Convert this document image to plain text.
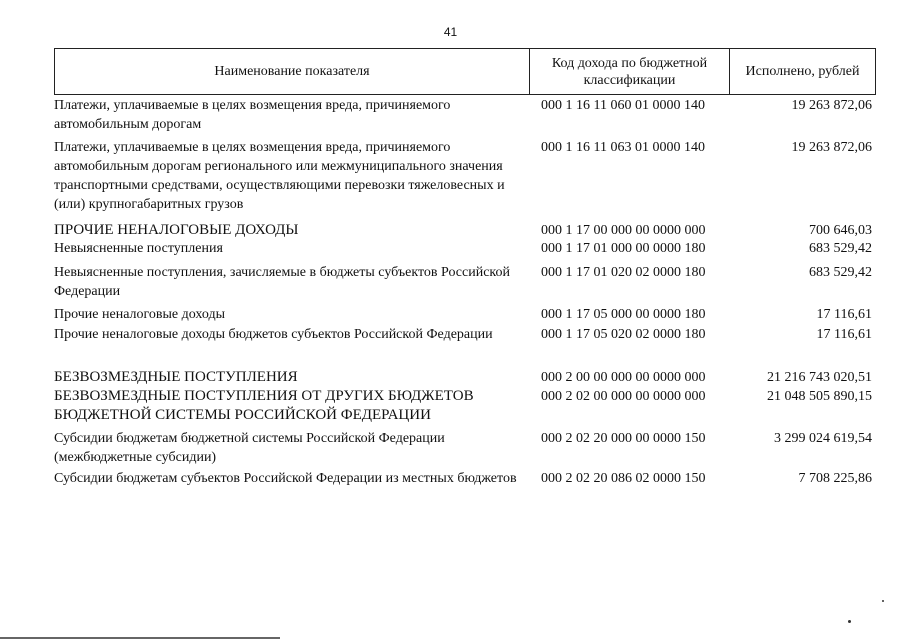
41
Наименование показателя
Код дохода по бюджетной классификации
Исполнено, рублей
Платежи, уплачиваемые в целях возмещения вреда, причиняемого автомобильным дорогам
000 1 16 11 060 01 0000 140	19 263 872,06
Платежи, уплачиваемые в целях возмещения вреда, причиняемого автомобильным дорогам регионального или межмуниципального значения транспортными средствами, осуществляющими перевозки тяжеловесных и (или) крупногабаритных грузов
000 1 16 11 063 01 0000 140	19 263 872,06
ПРОЧИЕ НЕНАЛОГОВЫЕ ДОХОДЫ	000 1 17 00 000 00 0000 000	700 646,03
Невыясненные поступления	000 1 17 01 000 00 0000 180	683 529,42
Невыясненные поступления, зачисляемые в бюджеты субъектов Российской Федерации
000 1 17 01 020 02 0000 180	683 529,42
Прочие неналоговые доходы	000 1 17 05 000 00 0000 180	17 116,61
Прочие неналоговые доходы бюджетов субъектов Российской Федерации	000 1 17 05 020 02 0000 180	17 116,61
БЕЗВОЗМЕЗДНЫЕ ПОСТУПЛЕНИЯ	000 2 00 00 000 00 0000 000	21 216 743 020,51
БЕЗВОЗМЕЗДНЫЕ ПОСТУПЛЕНИЯ ОТ ДРУГИХ БЮДЖЕТОВ БЮДЖЕТНОЙ СИСТЕМЫ РОССИЙСКОЙ ФЕДЕРАЦИИ
000 2 02 00 000 00 0000 000	21 048 505 890,15
Субсидии бюджетам бюджетной системы Российской Федерации (межбюджетные субсидии)
000 2 02 20 000 00 0000 150	3 299 024 619,54
Субсидии бюджетам субъектов Российской Федерации из местных бюджетов	000 2 02 20 086 02 0000 150	7 708 225,86
